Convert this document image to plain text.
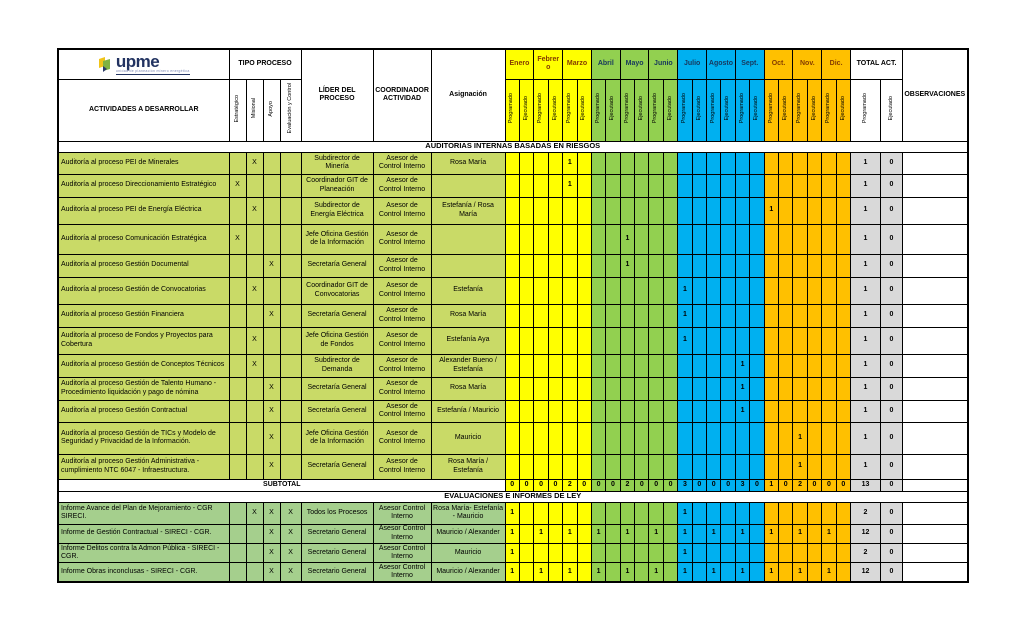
upme
unidad de planeación minero energética	TIPO PROCESO				LÍDER DEL PROCESO	COORDINADOR ACTIVIDAD	Asignación	Enero		Febrero		Marzo		Abril		Mayo		Junio		Julio		Agosto		Sept.		Oct.		Nov.		Dic.		TOTAL ACT.		OBSERVACIONES
ACTIVIDADES A DESARROLLAR	Estratégico	Misional	Apoyo	Evaluación y Control				Programado	Ejecutado	Programado	Ejecutado	Programado	Ejecutado	Programado	Ejecutado	Programado	Ejecutado	Programado	Ejecutado	Programado	Ejecutado	Programado	Ejecutado	Programado	Ejecutado	Programado	Ejecutado	Programado	Ejecutado	Programado	Ejecutado	Programado	Ejecutado	
AUDITORIAS INTERNAS BASADAS EN RIESGOS																																		
Auditoría al proceso PEI de Minerales		X			Subdirector de Minería	Asesor de Control Interno	Rosa María					1																				1	0	
Auditoría al proceso Direccionamiento Estratégico	X				Coordinador GIT de Planeación	Asesor de Control Interno						1																				1	0	
Auditoría al proceso PEI de Energía Eléctrica		X			Subdirector de Energía Eléctrica	Asesor de Control Interno	Estefanía / Rosa María																			1						1	0	
Auditoría al proceso Comunicación Estratégica	X				Jefe Oficina Gestión de la Información	Asesor de Control Interno										1																1	0	
Auditoría al proceso Gestión Documental			X		Secretaría General	Asesor de Control Interno										1																1	0	
Auditoría al proceso Gestión de Convocatorias		X			Coordinador GIT de Convocatorias	Asesor de Control Interno	Estefanía													1												1	0	
Auditoría al proceso Gestión Financiera			X		Secretaría General	Asesor de Control Interno	Rosa María													1												1	0	
Auditoría al proceso de Fondos y Proyectos para Cobertura		X			Jefe Oficina Gestión de Fondos	Asesor de Control Interno	Estefanía Aya													1												1	0	
Auditoría al proceso Gestión de Conceptos Técnicos		X			Subdirector de Demanda	Asesor de Control Interno	Alexander Bueno / Estefanía																	1								1	0	
Auditoría al proceso Gestión de Talento Humano - Procedimiento liquidación y pago de nómina			X		Secretaría General	Asesor de Control Interno	Rosa María																	1								1	0	
Auditoría al proceso Gestión Contractual			X		Secretaría General	Asesor de Control Interno	Estefanía / Mauricio																	1								1	0	
Auditoría al proceso Gestión de TICs y Modelo de Seguridad y Privacidad de la Información.			X		Jefe Oficina Gestión de la Información	Asesor de Control Interno	Mauricio																					1				1	0	
Auditoría al proceso Gestión Administrativa - cumplimiento NTC 6047 - Infraestructura.			X		Secretaría General	Asesor de Control Interno	Rosa María / Estefanía																					1				1	0	
SUBTOTAL								0	0	0	0	2	0	0	0	2	0	0	0	3	0	0	0	3	0	1	0	2	0	0	0	13	0	
EVALUACIONES E INFORMES DE LEY																																		
Informe Avance del Plan de Mejoramiento - CGR SIRECI.		X	X	X	Todos los Procesos	Asesor Control Interno	Rosa María- Estefanía - Mauricio	1												1												2	0	
Informe de Gestión Contractual - SIRECI - CGR.			X	X	Secretario General	Asesor Control Interno	Mauricio / Alexander	1		1		1		1		1		1		1		1		1		1		1		1		12	0	
Informe Delitos contra la Admon Pública - SIRECI - CGR.			X	X	Secretario General	Asesor Control Interno	Mauricio	1												1												2	0	
Informe Obras inconclusas - SIRECI - CGR.			X	X	Secretario General	Asesor Control Interno	Mauricio / Alexander	1		1		1		1		1		1		1		1		1		1		1		1		12	0	
